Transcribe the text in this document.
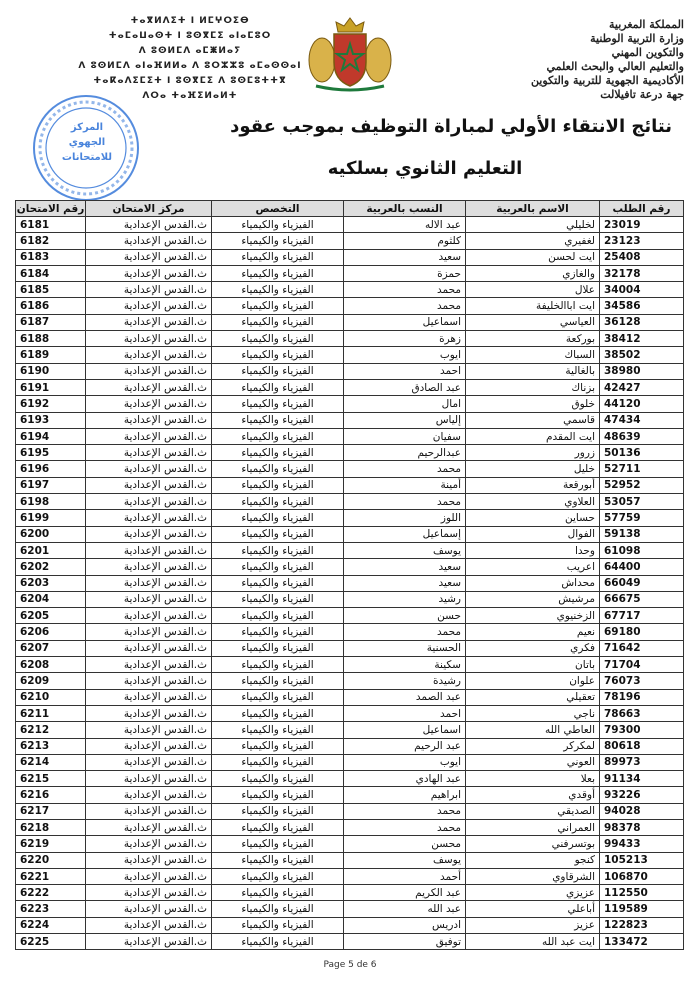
ⵜⴰⴳⵍⴷⵉⵜ ⵏ ⵍⵎⵖⵔⵉⴱ
ⵜⴰⵎⴰⵡⴰⵙⵜ ⵏ ⵓⵙⴳⵎⵉ ⴰⵏⴰⵎⵓⵔ
ⴷ ⵓⵙⵍⵎⴷ ⴰⵎⵥⵍⴰⵢ
ⴷ ⵓⵙⵍⵎⴷ ⴰⵏⴰⴼⵍⵍⴰ ⴷ ⵓⵔⵣⵣⵓ ⴰⵎⴰⵙⵙⴰⵏ
ⵜⴰⴽⴰⴷⵉⵎⵉⵜ ⵏ ⵓⵙⴳⵎⵉ ⴷ ⵓⵙⵎⵓⵜⵜⴳ
ⴷⵔⴰ ⵜⴰⴼⵉⵍⴰⵍⵜ
المملكة المغربية
وزارة التربية الوطنية
والتكوين المهني
والتعليم العالي والبحث العلمي
الأكاديمية الجهوية للتربية والتكوين
جهة درعة تافيلالت
المركز
الجهوي
للامتحانات
نتائج الانتقاء الأولي لمباراة التوظيف بموجب عقود
التعليم الثانوي بسلكيه
رقم الطلب	الاسم بالعربية	النسب بالعربية	التخصص	مركز الامتحان	رقم الامتحان
23019	لخليلي	عبد الاله	الفيزياء والكيمياء	ث.القدس الإعدادية	6181
23123	لغفيري	كلثوم	الفيزياء والكيمياء	ث.القدس الإعدادية	6182
25408	ايت لحسن	سعيد	الفيزياء والكيمياء	ث.القدس الإعدادية	6183
32178	والغازي	حمزة	الفيزياء والكيمياء	ث.القدس الإعدادية	6184
34004	علال	محمد	الفيزياء والكيمياء	ث.القدس الإعدادية	6185
34586	ايت اباالخليفة	محمد	الفيزياء والكيمياء	ث.القدس الإعدادية	6186
36128	العياسي	اسماعيل	الفيزياء والكيمياء	ث.القدس الإعدادية	6187
38412	بوركعة	زهرة	الفيزياء والكيمياء	ث.القدس الإعدادية	6188
38502	السباك	ايوب	الفيزياء والكيمياء	ث.القدس الإعدادية	6189
38980	بالغالية	احمد	الفيزياء والكيمياء	ث.القدس الإعدادية	6190
42427	بزناك	عبد الصادق	الفيزياء والكيمياء	ث.القدس الإعدادية	6191
44120	خلوق	امال	الفيزياء والكيمياء	ث.القدس الإعدادية	6192
47434	قاسمي	إلياس	الفيزياء والكيمياء	ث.القدس الإعدادية	6193
48639	ايت المقدم	سفيان	الفيزياء والكيمياء	ث.القدس الإعدادية	6194
50136	زرور	عبدالرحيم	الفيزياء والكيمياء	ث.القدس الإعدادية	6195
52711	خليل	محمد	الفيزياء والكيمياء	ث.القدس الإعدادية	6196
52952	أبورقعة	أمينة	الفيزياء والكيمياء	ث.القدس الإعدادية	6197
53057	العلاوي	محمد	الفيزياء والكيمياء	ث.القدس الإعدادية	6198
57759	حساين	اللوز	الفيزياء والكيمياء	ث.القدس الإعدادية	6199
59138	الفوال	إسماعيل	الفيزياء والكيمياء	ث.القدس الإعدادية	6200
61098	وحدا	يوسف	الفيزياء والكيمياء	ث.القدس الإعدادية	6201
64400	اعريب	سعيد	الفيزياء والكيمياء	ث.القدس الإعدادية	6202
66049	محداش	سعيد	الفيزياء والكيمياء	ث.القدس الإعدادية	6203
66675	مرشيش	رشيد	الفيزياء والكيمياء	ث.القدس الإعدادية	6204
67717	الزخنيوي	حسن	الفيزياء والكيمياء	ث.القدس الإعدادية	6205
69180	نعيم	محمد	الفيزياء والكيمياء	ث.القدس الإعدادية	6206
71642	فكري	الحسنية	الفيزياء والكيمياء	ث.القدس الإعدادية	6207
71704	باتان	سكينة	الفيزياء والكيمياء	ث.القدس الإعدادية	6208
76073	علوان	رشيدة	الفيزياء والكيمياء	ث.القدس الإعدادية	6209
78196	تعقيلي	عبد الصمد	الفيزياء والكيمياء	ث.القدس الإعدادية	6210
78663	ناجي	احمد	الفيزياء والكيمياء	ث.القدس الإعدادية	6211
79300	العاطي الله	اسماعيل	الفيزياء والكيمياء	ث.القدس الإعدادية	6212
80618	لمكركر	عبد الرحيم	الفيزياء والكيمياء	ث.القدس الإعدادية	6213
89973	العوني	ايوب	الفيزياء والكيمياء	ث.القدس الإعدادية	6214
91134	بعلا	عبد الهادي	الفيزياء والكيمياء	ث.القدس الإعدادية	6215
93226	أوقدي	ابراهيم	الفيزياء والكيمياء	ث.القدس الإعدادية	6216
94028	الصديقي	محمد	الفيزياء والكيمياء	ث.القدس الإعدادية	6217
98378	العمراني	محمد	الفيزياء والكيمياء	ث.القدس الإعدادية	6218
99433	بوتسرفني	محسن	الفيزياء والكيمياء	ث.القدس الإعدادية	6219
105213	كنجو	يوسف	الفيزياء والكيمياء	ث.القدس الإعدادية	6220
106870	الشرقاوي	أحمد	الفيزياء والكيمياء	ث.القدس الإعدادية	6221
112550	عزيزي	عبد الكريم	الفيزياء والكيمياء	ث.القدس الإعدادية	6222
119589	أباعلي	عبد الله	الفيزياء والكيمياء	ث.القدس الإعدادية	6223
122823	عزيز	ادريس	الفيزياء والكيمياء	ث.القدس الإعدادية	6224
133472	ايت عبد الله	توفيق	الفيزياء والكيمياء	ث.القدس الإعدادية	6225
Page 5 de 6
